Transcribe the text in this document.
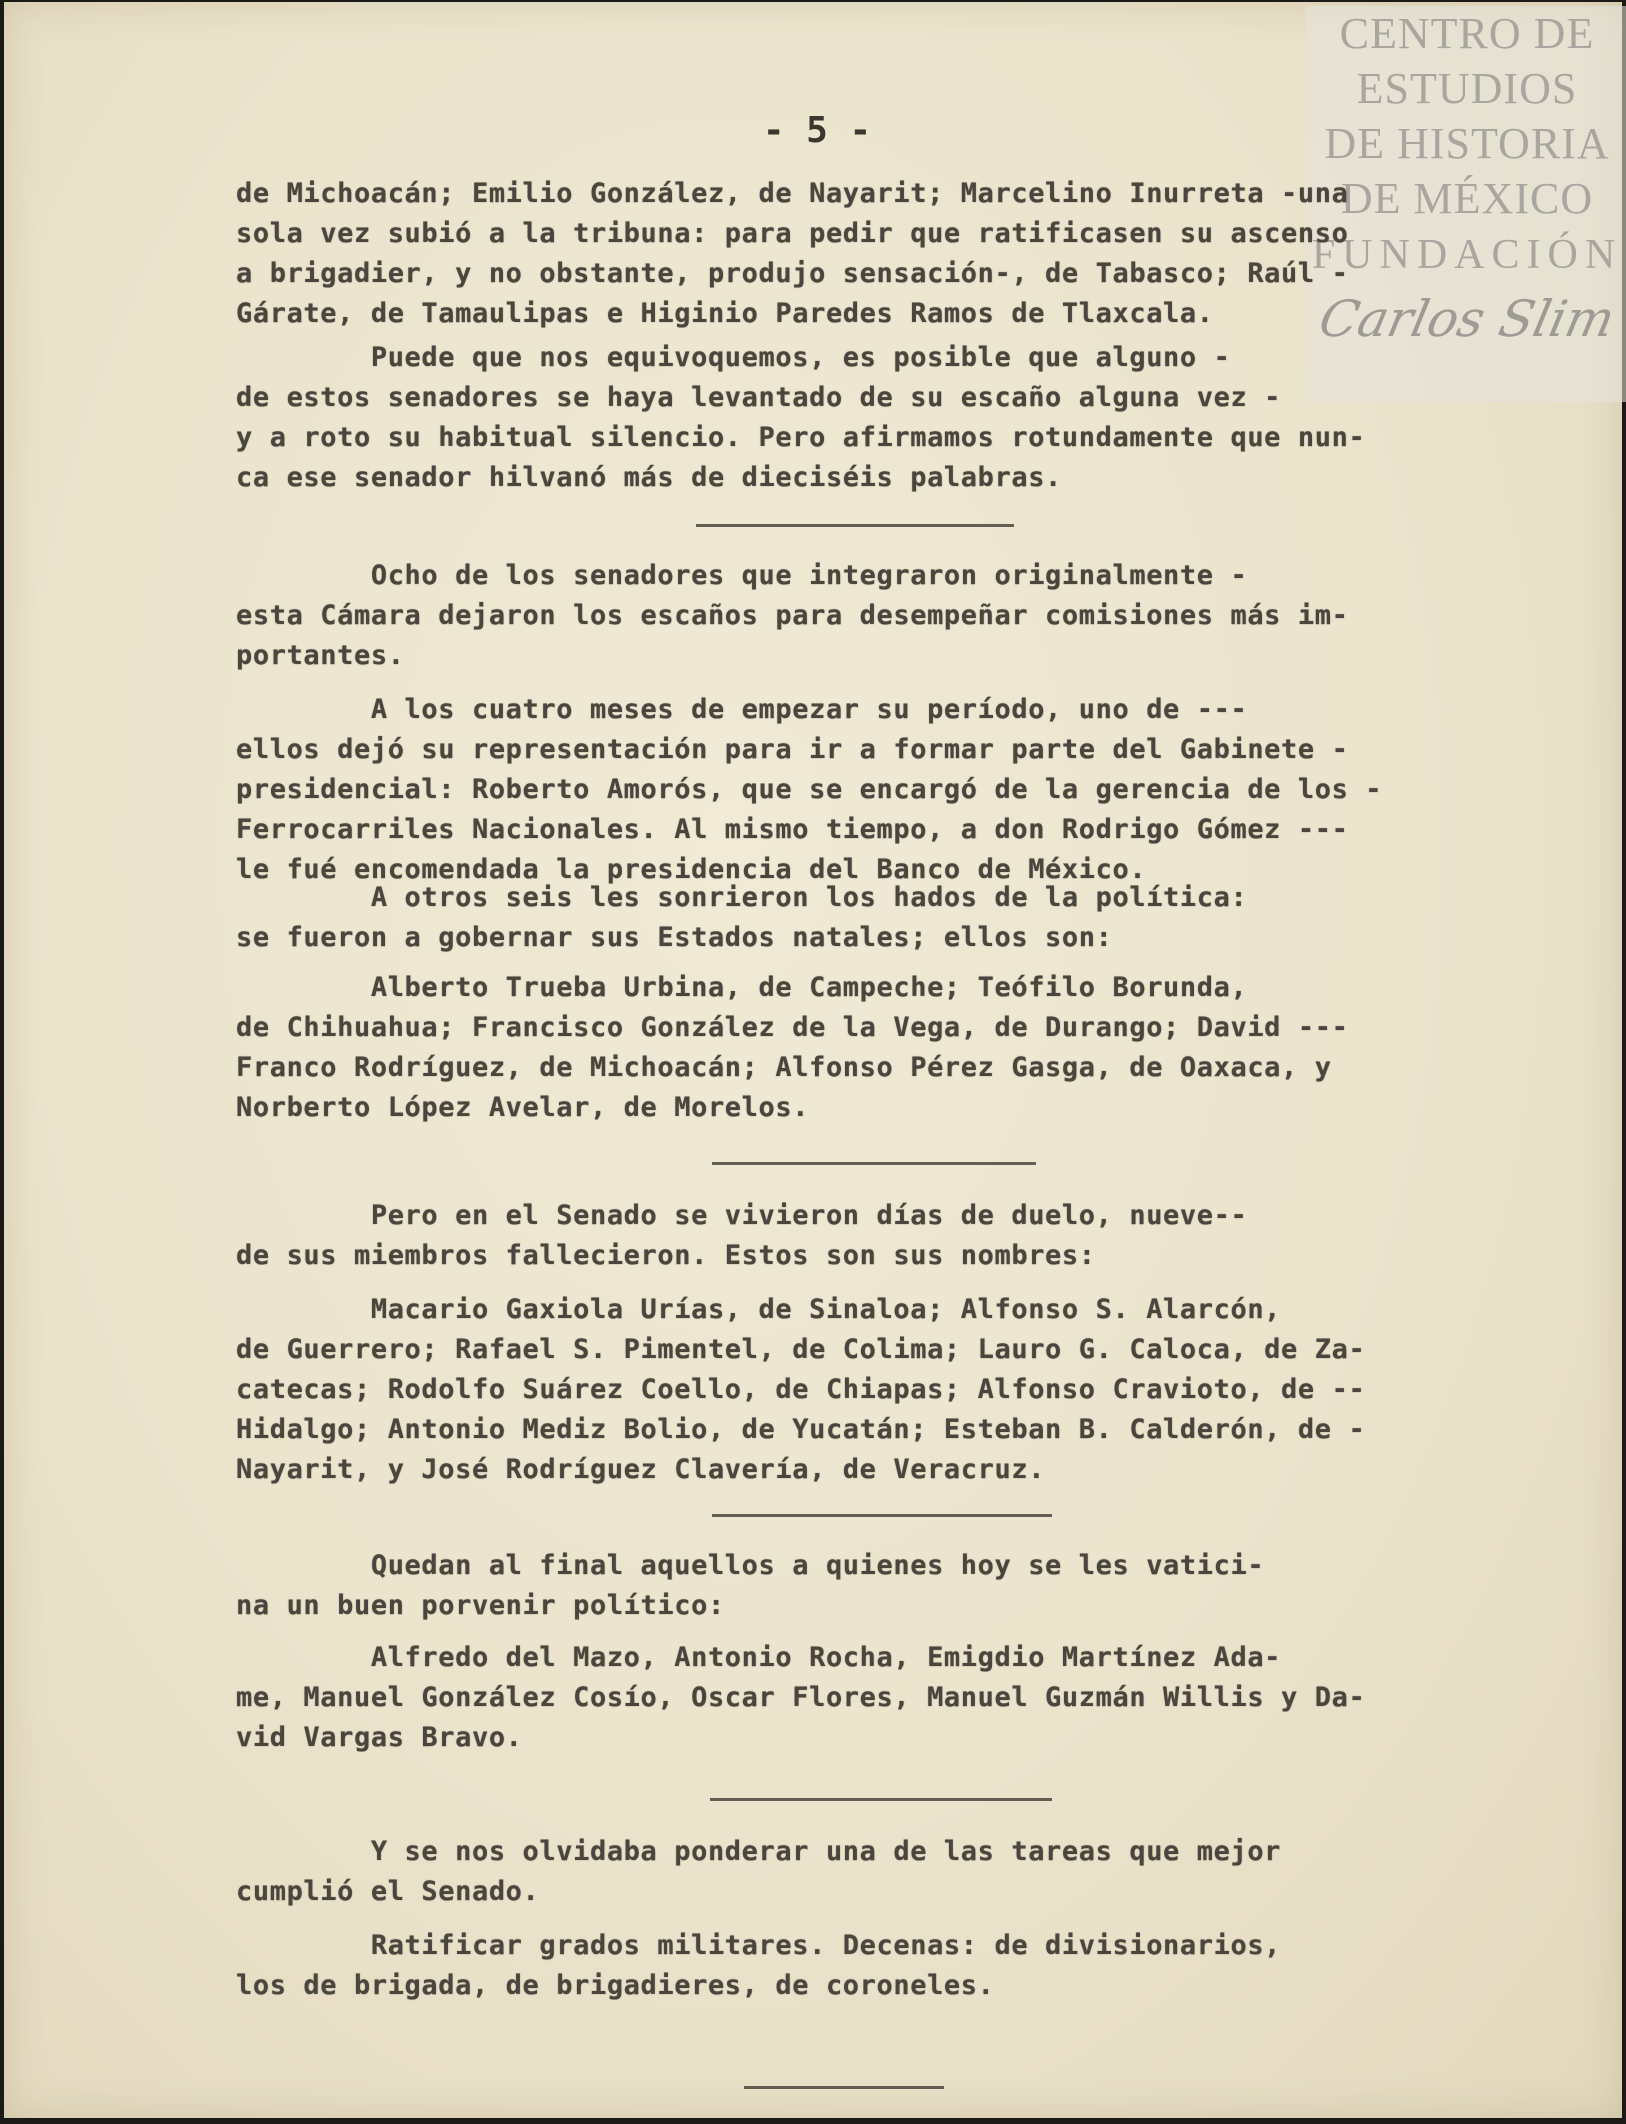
CENTRO DE
ESTUDIOS
DE HISTORIA
DE MÉXICO
FUNDACIÓN
Carlos Slim
- 5 -
de Michoacán; Emilio González, de Nayarit; Marcelino Inurreta -una
sola vez subió a la tribuna: para pedir que ratificasen su ascenso
a brigadier, y no obstante, produjo sensación-, de Tabasco; Raúl -
Gárate, de Tamaulipas e Higinio Paredes Ramos de Tlaxcala.
Puede que nos equivoquemos, es posible que alguno -
de estos senadores se haya levantado de su escaño alguna vez -
y a roto su habitual silencio. Pero afirmamos rotundamente que nun-
ca ese senador hilvanó más de dieciséis palabras.
Ocho de los senadores que integraron originalmente -
esta Cámara dejaron los escaños para desempeñar comisiones más im-
portantes.
A los cuatro meses de empezar su período, uno de ---
ellos dejó su representación para ir a formar parte del Gabinete -
presidencial: Roberto Amorós, que se encargó de la gerencia de los -
Ferrocarriles Nacionales. Al mismo tiempo, a don Rodrigo Gómez ---
le fué encomendada la presidencia del Banco de México.
A otros seis les sonrieron los hados de la política:
se fueron a gobernar sus Estados natales; ellos son:
Alberto Trueba Urbina, de Campeche; Teófilo Borunda,
de Chihuahua; Francisco González de la Vega, de Durango; David ---
Franco Rodríguez, de Michoacán; Alfonso Pérez Gasga, de Oaxaca, y
Norberto López Avelar, de Morelos.
Pero en el Senado se vivieron días de duelo, nueve--
de sus miembros fallecieron. Estos son sus nombres:
Macario Gaxiola Urías, de Sinaloa; Alfonso S. Alarcón,
de Guerrero; Rafael S. Pimentel, de Colima; Lauro G. Caloca, de Za-
catecas; Rodolfo Suárez Coello, de Chiapas; Alfonso Cravioto, de --
Hidalgo; Antonio Mediz Bolio, de Yucatán; Esteban B. Calderón, de -
Nayarit, y José Rodríguez Clavería, de Veracruz.
Quedan al final aquellos a quienes hoy se les vatici-
na un buen porvenir político:
Alfredo del Mazo, Antonio Rocha, Emigdio Martínez Ada-
me, Manuel González Cosío, Oscar Flores, Manuel Guzmán Willis y Da-
vid Vargas Bravo.
Y se nos olvidaba ponderar una de las tareas que mejor
cumplió el Senado.
Ratificar grados militares. Decenas: de divisionarios,
los de brigada, de brigadieres, de coroneles.
